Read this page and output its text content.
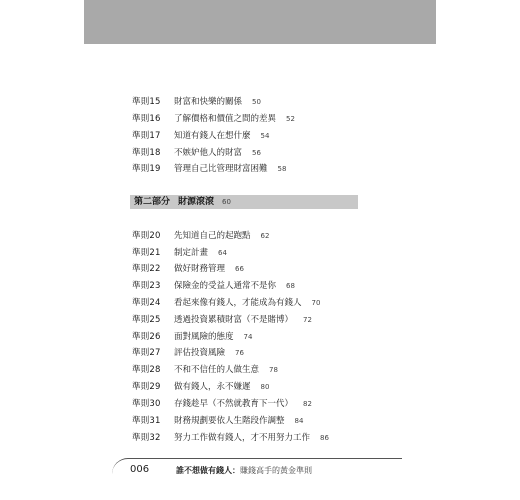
準則15 財富和快樂的關係 50
準則16 了解價格和價值之間的差異 52
準則17 知道有錢人在想什麼 54
準則18 不嫉妒他人的財富 56
準則19 管理自己比管理財富困難 58
第二部分 財源滾滾 60
準則20 先知道自己的起跑點 62
準則21 制定計畫 64
準則22 做好財務管理 66
準則23 保險金的受益人通常不是你 68
準則24 看起來像有錢人，才能成為有錢人 70
準則25 透過投資累積財富（不是賭博） 72
準則26 面對風險的態度 74
準則27 評估投資風險 76
準則28 不和不信任的人做生意 78
準則29 做有錢人，永不嫌遲 80
準則30 存錢趁早（不然就教育下一代） 82
準則31 財務規劃要依人生階段作調整 84
準則32 努力工作做有錢人，才不用努力工作 86
006	誰不想做有錢人：賺錢高手的黃金準則
